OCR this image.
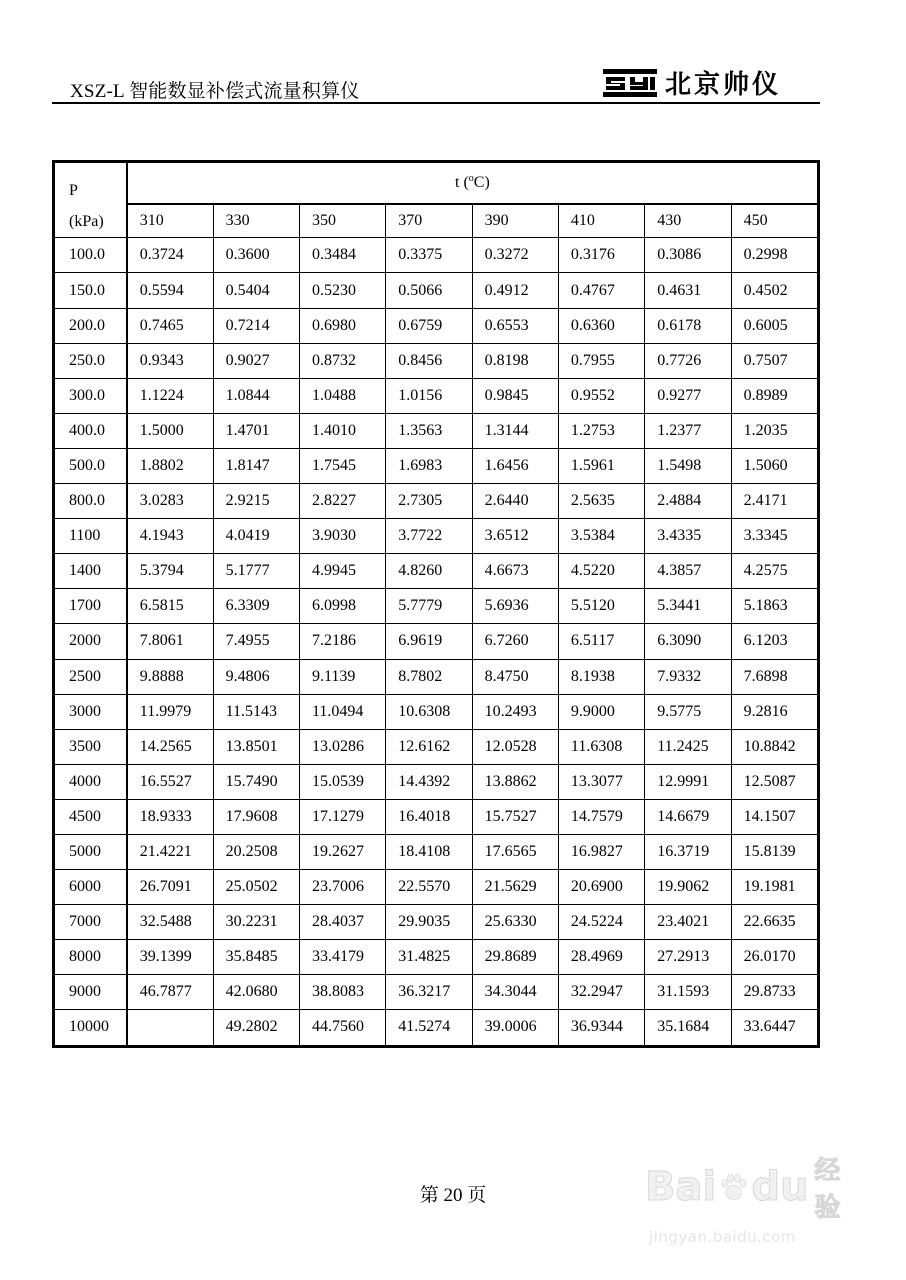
XSZ-L 智能数显补偿式流量积算仪	北京帅仪
P
(kPa)	t ($^o$C)							
	310	330	350	370	390	410	430	450
100.0	0.3724	0.3600	0.3484	0.3375	0.3272	0.3176	0.3086	0.2998
150.0	0.5594	0.5404	0.5230	0.5066	0.4912	0.4767	0.4631	0.4502
200.0	0.7465	0.7214	0.6980	0.6759	0.6553	0.6360	0.6178	0.6005
250.0	0.9343	0.9027	0.8732	0.8456	0.8198	0.7955	0.7726	0.7507
300.0	1.1224	1.0844	1.0488	1.0156	0.9845	0.9552	0.9277	0.8989
400.0	1.5000	1.4701	1.4010	1.3563	1.3144	1.2753	1.2377	1.2035
500.0	1.8802	1.8147	1.7545	1.6983	1.6456	1.5961	1.5498	1.5060
800.0	3.0283	2.9215	2.8227	2.7305	2.6440	2.5635	2.4884	2.4171
1100	4.1943	4.0419	3.9030	3.7722	3.6512	3.5384	3.4335	3.3345
1400	5.3794	5.1777	4.9945	4.8260	4.6673	4.5220	4.3857	4.2575
1700	6.5815	6.3309	6.0998	5.7779	5.6936	5.5120	5.3441	5.1863
2000	7.8061	7.4955	7.2186	6.9619	6.7260	6.5117	6.3090	6.1203
2500	9.8888	9.4806	9.1139	8.7802	8.4750	8.1938	7.9332	7.6898
3000	11.9979	11.5143	11.0494	10.6308	10.2493	9.9000	9.5775	9.2816
3500	14.2565	13.8501	13.0286	12.6162	12.0528	11.6308	11.2425	10.8842
4000	16.5527	15.7490	15.0539	14.4392	13.8862	13.3077	12.9991	12.5087
4500	18.9333	17.9608	17.1279	16.4018	15.7527	14.7579	14.6679	14.1507
5000	21.4221	20.2508	19.2627	18.4108	17.6565	16.9827	16.3719	15.8139
6000	26.7091	25.0502	23.7006	22.5570	21.5629	20.6900	19.9062	19.1981
7000	32.5488	30.2231	28.4037	29.9035	25.6330	24.5224	23.4021	22.6635
8000	39.1399	35.8485	33.4179	31.4825	29.8689	28.4969	27.2913	26.0170
9000	46.7877	42.0680	38.8083	36.3217	34.3044	32.2947	31.1593	29.8733
10000		49.2802	44.7560	41.5274	39.0006	36.9344	35.1684	33.6447
第 20 页	Bai du 经验
jingyan.baidu.com
